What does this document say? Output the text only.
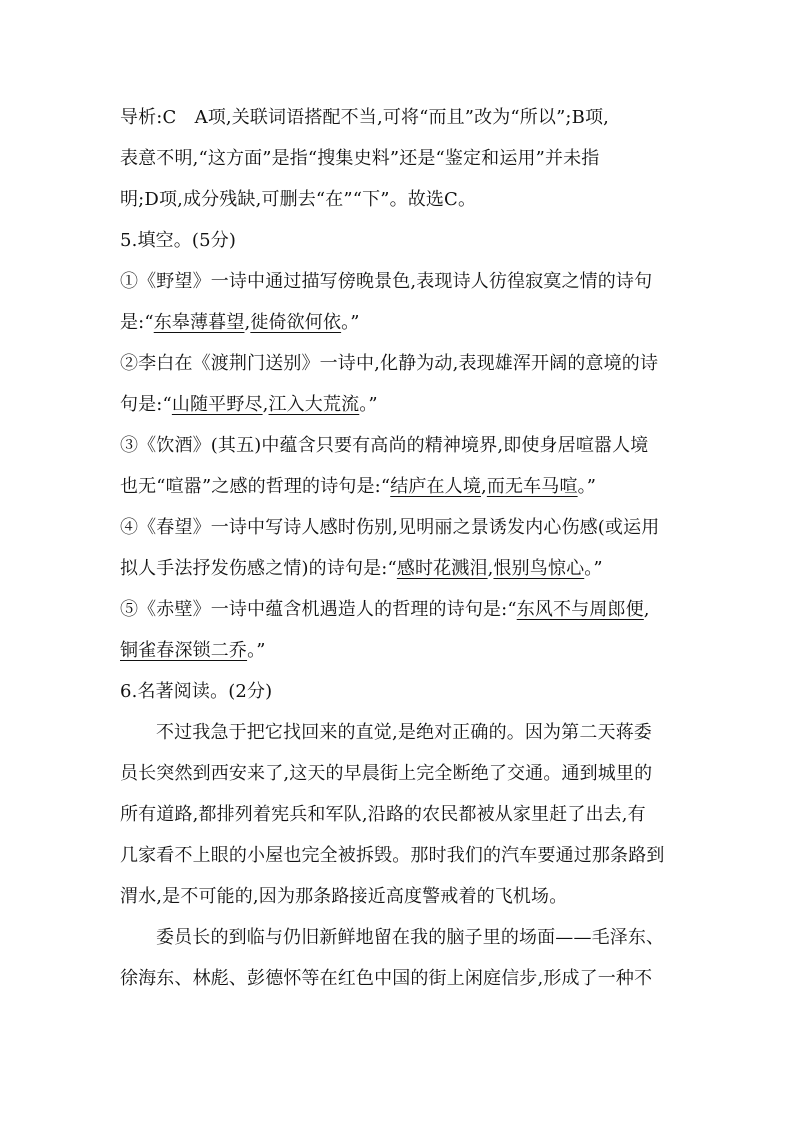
导析:C　A项,关联词语搭配不当,可将“而且”改为“所以”;B项,
表意不明,“这方面”是指“搜集史料”还是“鉴定和运用”并未指
明;D项,成分残缺,可删去“在”“下”。故选C。
5.填空。(5分)
①《野望》一诗中通过描写傍晚景色,表现诗人彷徨寂寞之情的诗句
是:“东皋薄暮望,徙倚欲何依。”
②李白在《渡荆门送别》一诗中,化静为动,表现雄浑开阔的意境的诗
句是:“山随平野尽,江入大荒流。”
③《饮酒》(其五)中蕴含只要有高尚的精神境界,即使身居喧嚣人境
也无“喧嚣”之感的哲理的诗句是:“结庐在人境,而无车马喧。”
④《春望》一诗中写诗人感时伤别,见明丽之景诱发内心伤感(或运用
拟人手法抒发伤感之情)的诗句是:“感时花溅泪,恨别鸟惊心。”
⑤《赤壁》一诗中蕴含机遇造人的哲理的诗句是:“东风不与周郎便,
铜雀春深锁二乔。”
6.名著阅读。(2分)
不过我急于把它找回来的直觉,是绝对正确的。因为第二天蒋委
员长突然到西安来了,这天的早晨街上完全断绝了交通。通到城里的
所有道路,都排列着宪兵和军队,沿路的农民都被从家里赶了出去,有
几家看不上眼的小屋也完全被拆毁。那时我们的汽车要通过那条路到
渭水,是不可能的,因为那条路接近高度警戒着的飞机场。
委员长的到临与仍旧新鲜地留在我的脑子里的场面——毛泽东、
徐海东、林彪、彭德怀等在红色中国的街上闲庭信步,形成了一种不
